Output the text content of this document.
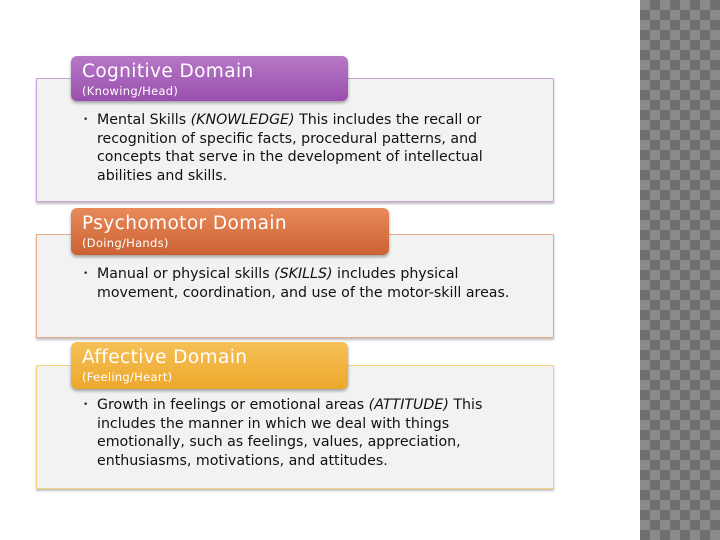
• Mental Skills (KNOWLEDGE) This includes the recall or recognition of specific facts, procedural patterns, and concepts that serve in the development of intellectual abilities and skills.
Cognitive Domain
(Knowing/Head)
• Manual or physical skills (SKILLS) includes physical movement, coordination, and use of the motor-skill areas.
Psychomotor Domain
(Doing/Hands)
• Growth in feelings or emotional areas (ATTITUDE) This includes the manner in which we deal with things emotionally, such as feelings, values, appreciation, enthusiasms, motivations, and attitudes.
Affective Domain
(Feeling/Heart)
